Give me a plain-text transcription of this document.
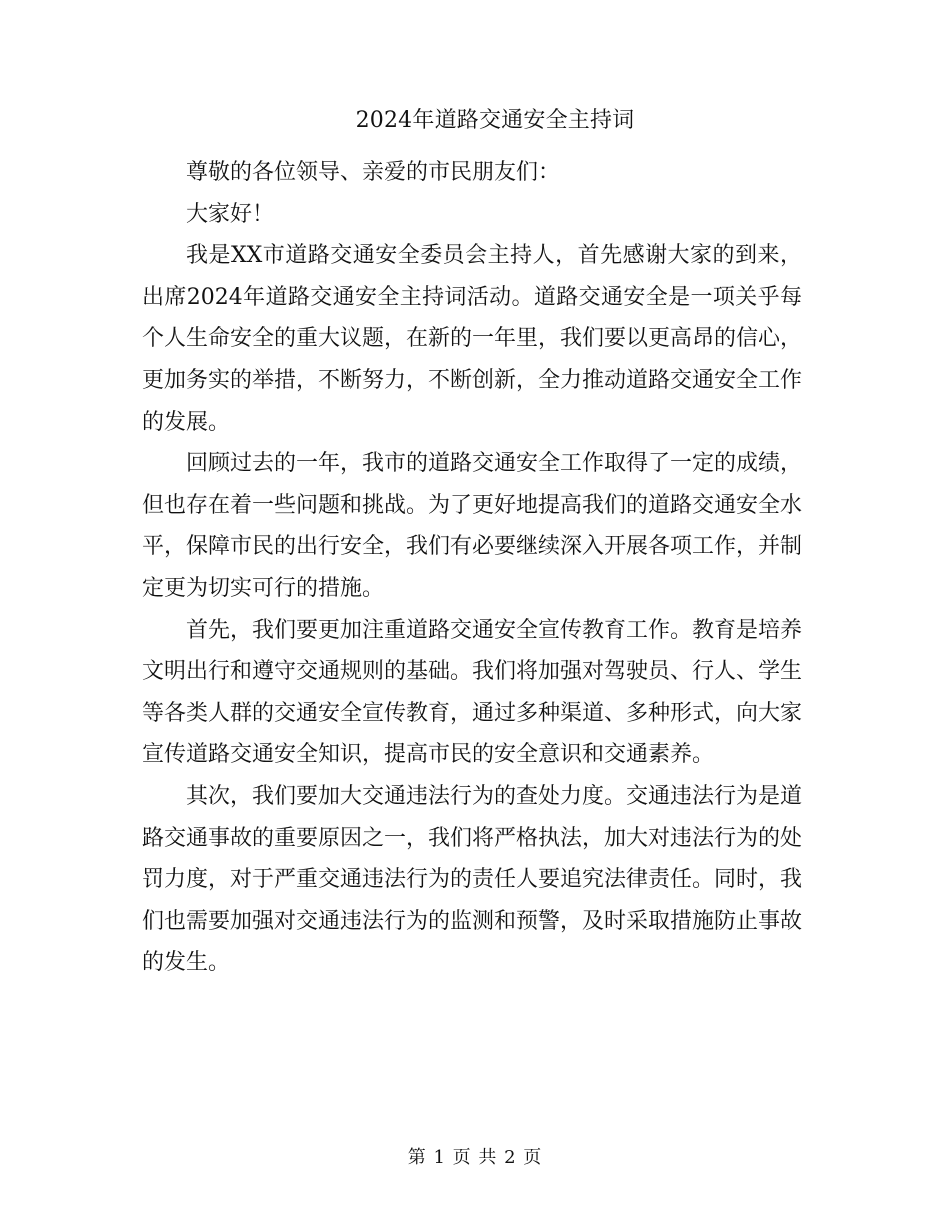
2024年道路交通安全主持词

尊敬的各位领导、亲爱的市民朋友们：

大家好！

我是XX市道路交通安全委员会主持人，首先感谢大家的到来，出席2024年道路交通安全主持词活动。道路交通安全是一项关乎每个人生命安全的重大议题，在新的一年里，我们要以更高昂的信心，更加务实的举措，不断努力，不断创新，全力推动道路交通安全工作的发展。

回顾过去的一年，我市的道路交通安全工作取得了一定的成绩，但也存在着一些问题和挑战。为了更好地提高我们的道路交通安全水平，保障市民的出行安全，我们有必要继续深入开展各项工作，并制定更为切实可行的措施。

首先，我们要更加注重道路交通安全宣传教育工作。教育是培养文明出行和遵守交通规则的基础。我们将加强对驾驶员、行人、学生等各类人群的交通安全宣传教育，通过多种渠道、多种形式，向大家宣传道路交通安全知识，提高市民的安全意识和交通素养。

其次，我们要加大交通违法行为的查处力度。交通违法行为是道路交通事故的重要原因之一，我们将严格执法，加大对违法行为的处罚力度，对于严重交通违法行为的责任人要追究法律责任。同时，我们也需要加强对交通违法行为的监测和预警，及时采取措施防止事故的发生。

第 1 页 共 2 页
